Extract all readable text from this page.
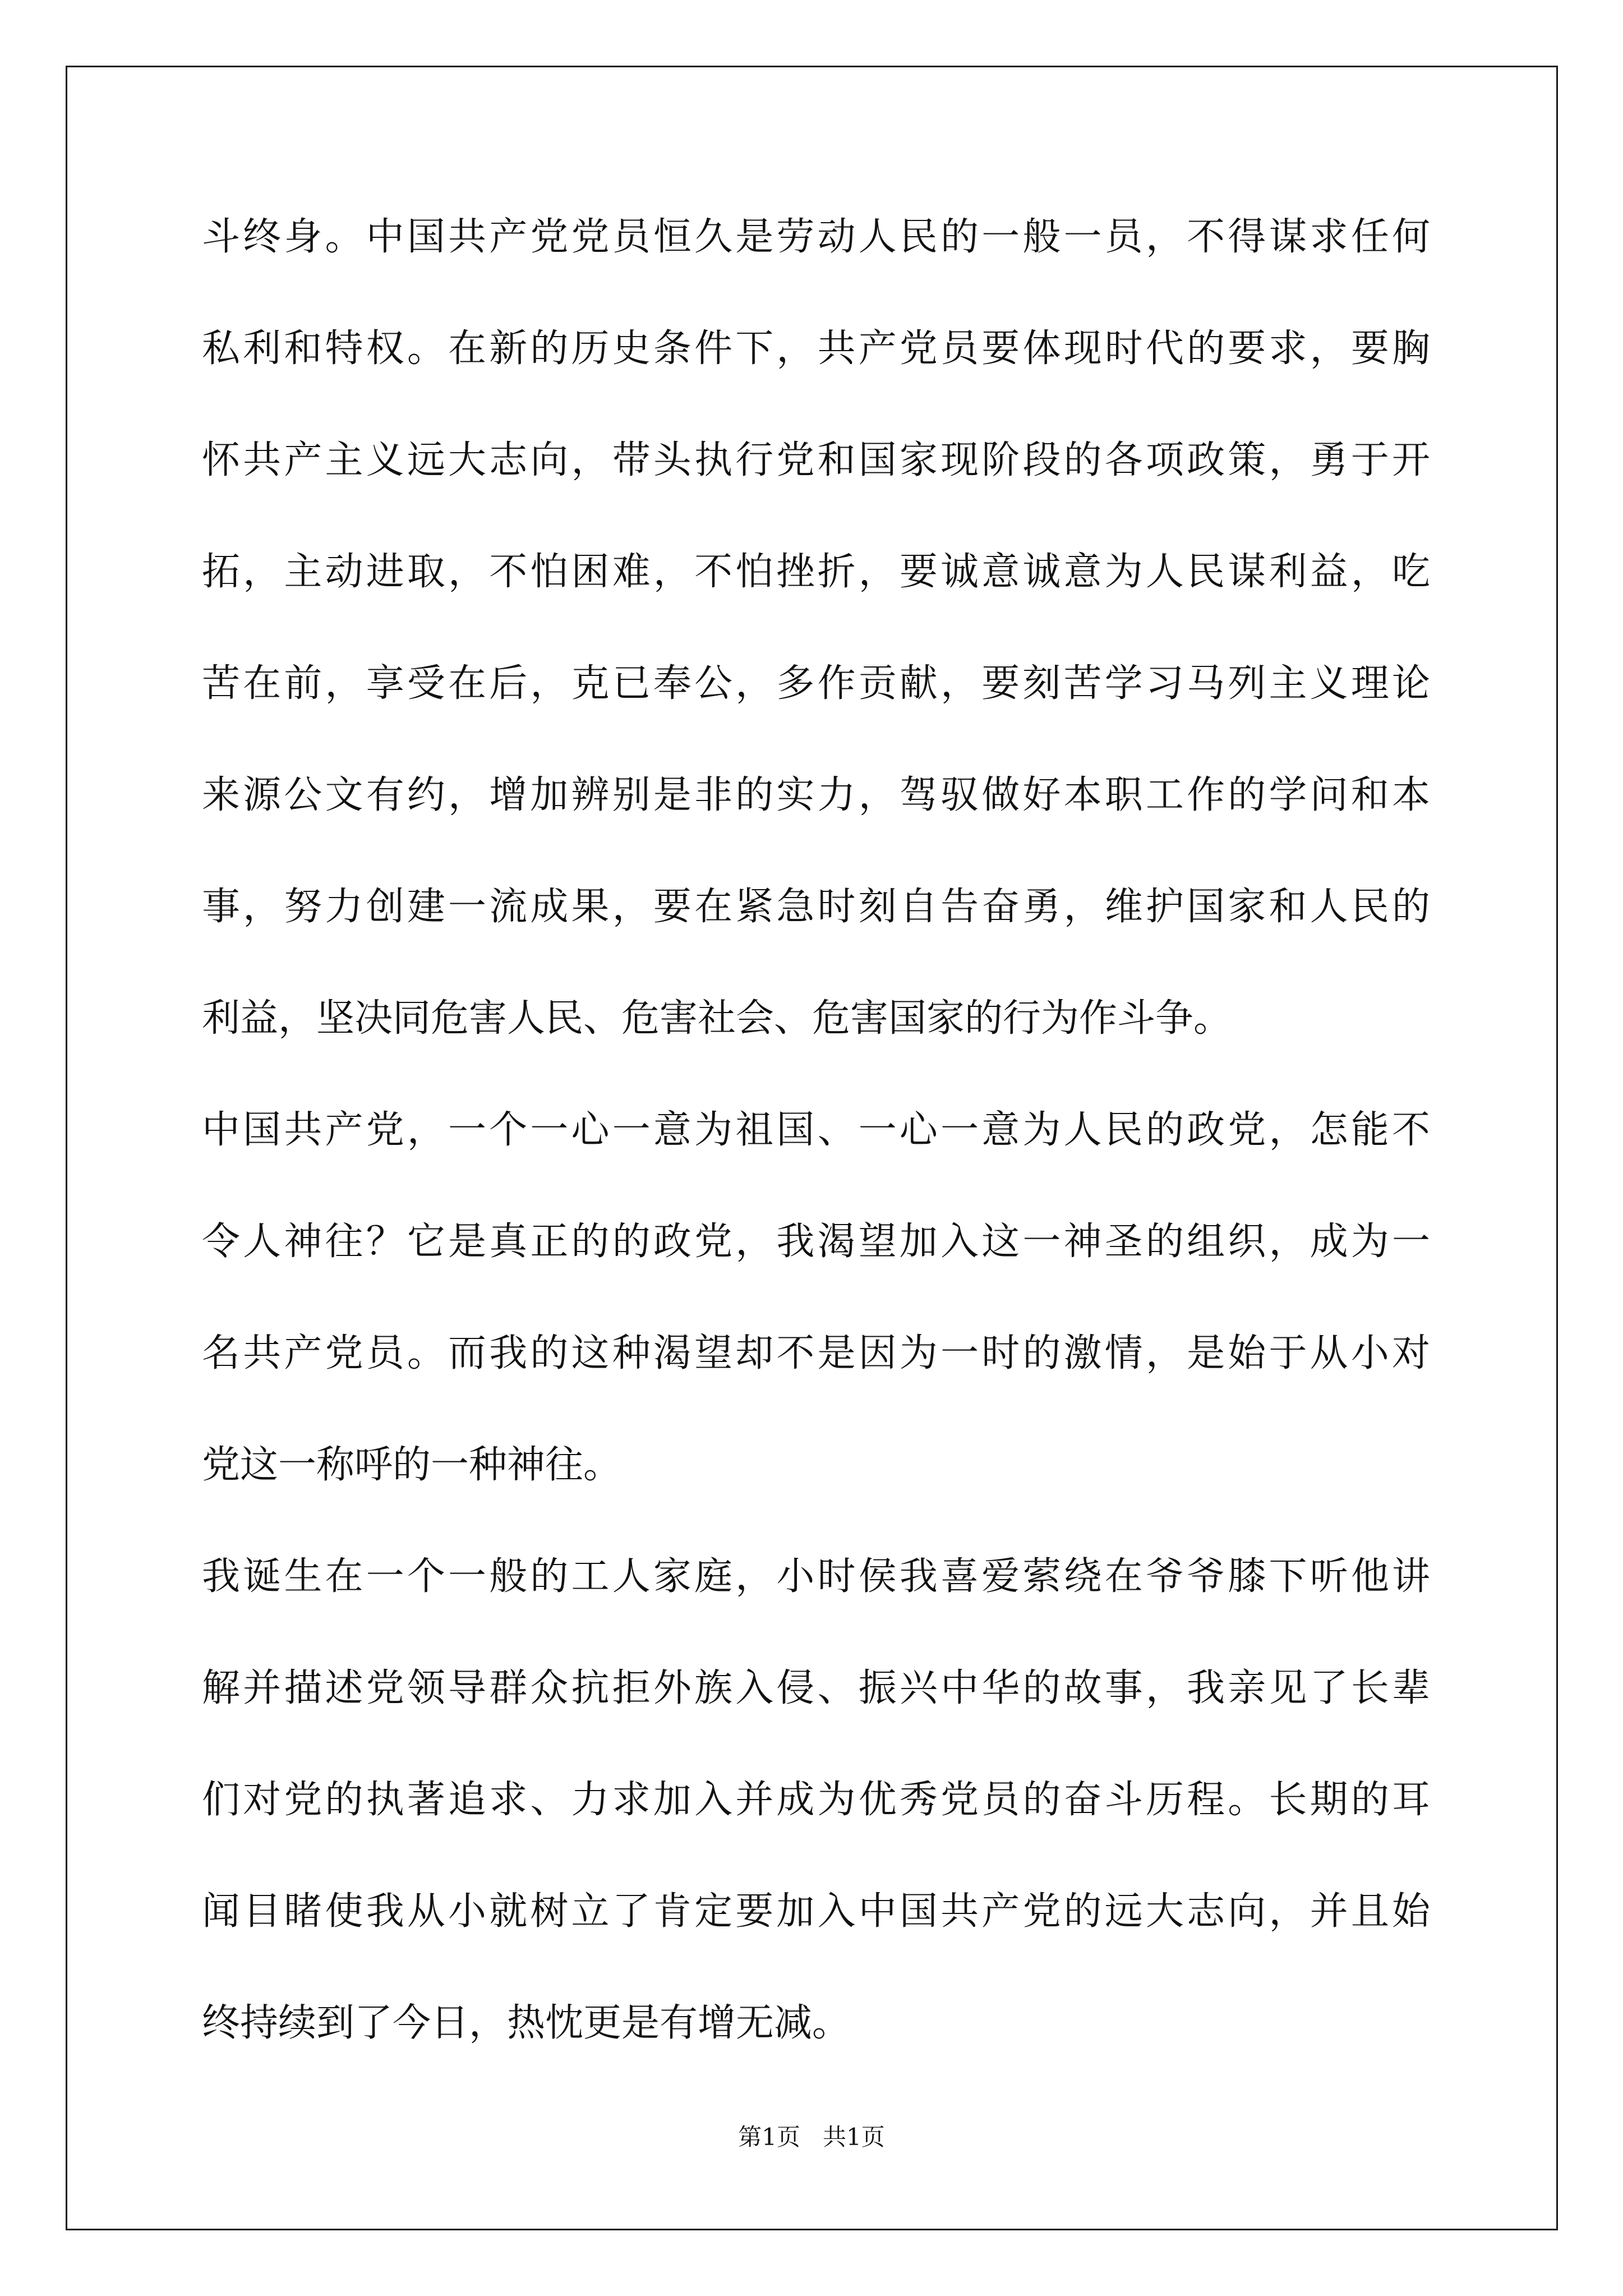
斗终身。中国共产党党员恒久是劳动人民的一般一员，不得谋求任何
私利和特权。在新的历史条件下，共产党员要体现时代的要求，要胸
怀共产主义远大志向，带头执行党和国家现阶段的各项政策，勇于开
拓，主动进取，不怕困难，不怕挫折，要诚意诚意为人民谋利益，吃
苦在前，享受在后，克已奉公，多作贡献，要刻苦学习马列主义理论
来源公文有约，增加辨别是非的实力，驾驭做好本职工作的学问和本
事，努力创建一流成果，要在紧急时刻自告奋勇，维护国家和人民的
利益，坚决同危害人民、危害社会、危害国家的行为作斗争。
中国共产党，一个一心一意为祖国、一心一意为人民的政党，怎能不
令人神往？它是真正的的政党，我渴望加入这一神圣的组织，成为一
名共产党员。而我的这种渴望却不是因为一时的激情，是始于从小对
党这一称呼的一种神往。
我诞生在一个一般的工人家庭，小时侯我喜爱萦绕在爷爷膝下听他讲
解并描述党领导群众抗拒外族入侵、振兴中华的故事，我亲见了长辈
们对党的执著追求、力求加入并成为优秀党员的奋斗历程。长期的耳
闻目睹使我从小就树立了肯定要加入中国共产党的远大志向，并且始
终持续到了今日，热忱更是有增无减。
第1页   共1页
